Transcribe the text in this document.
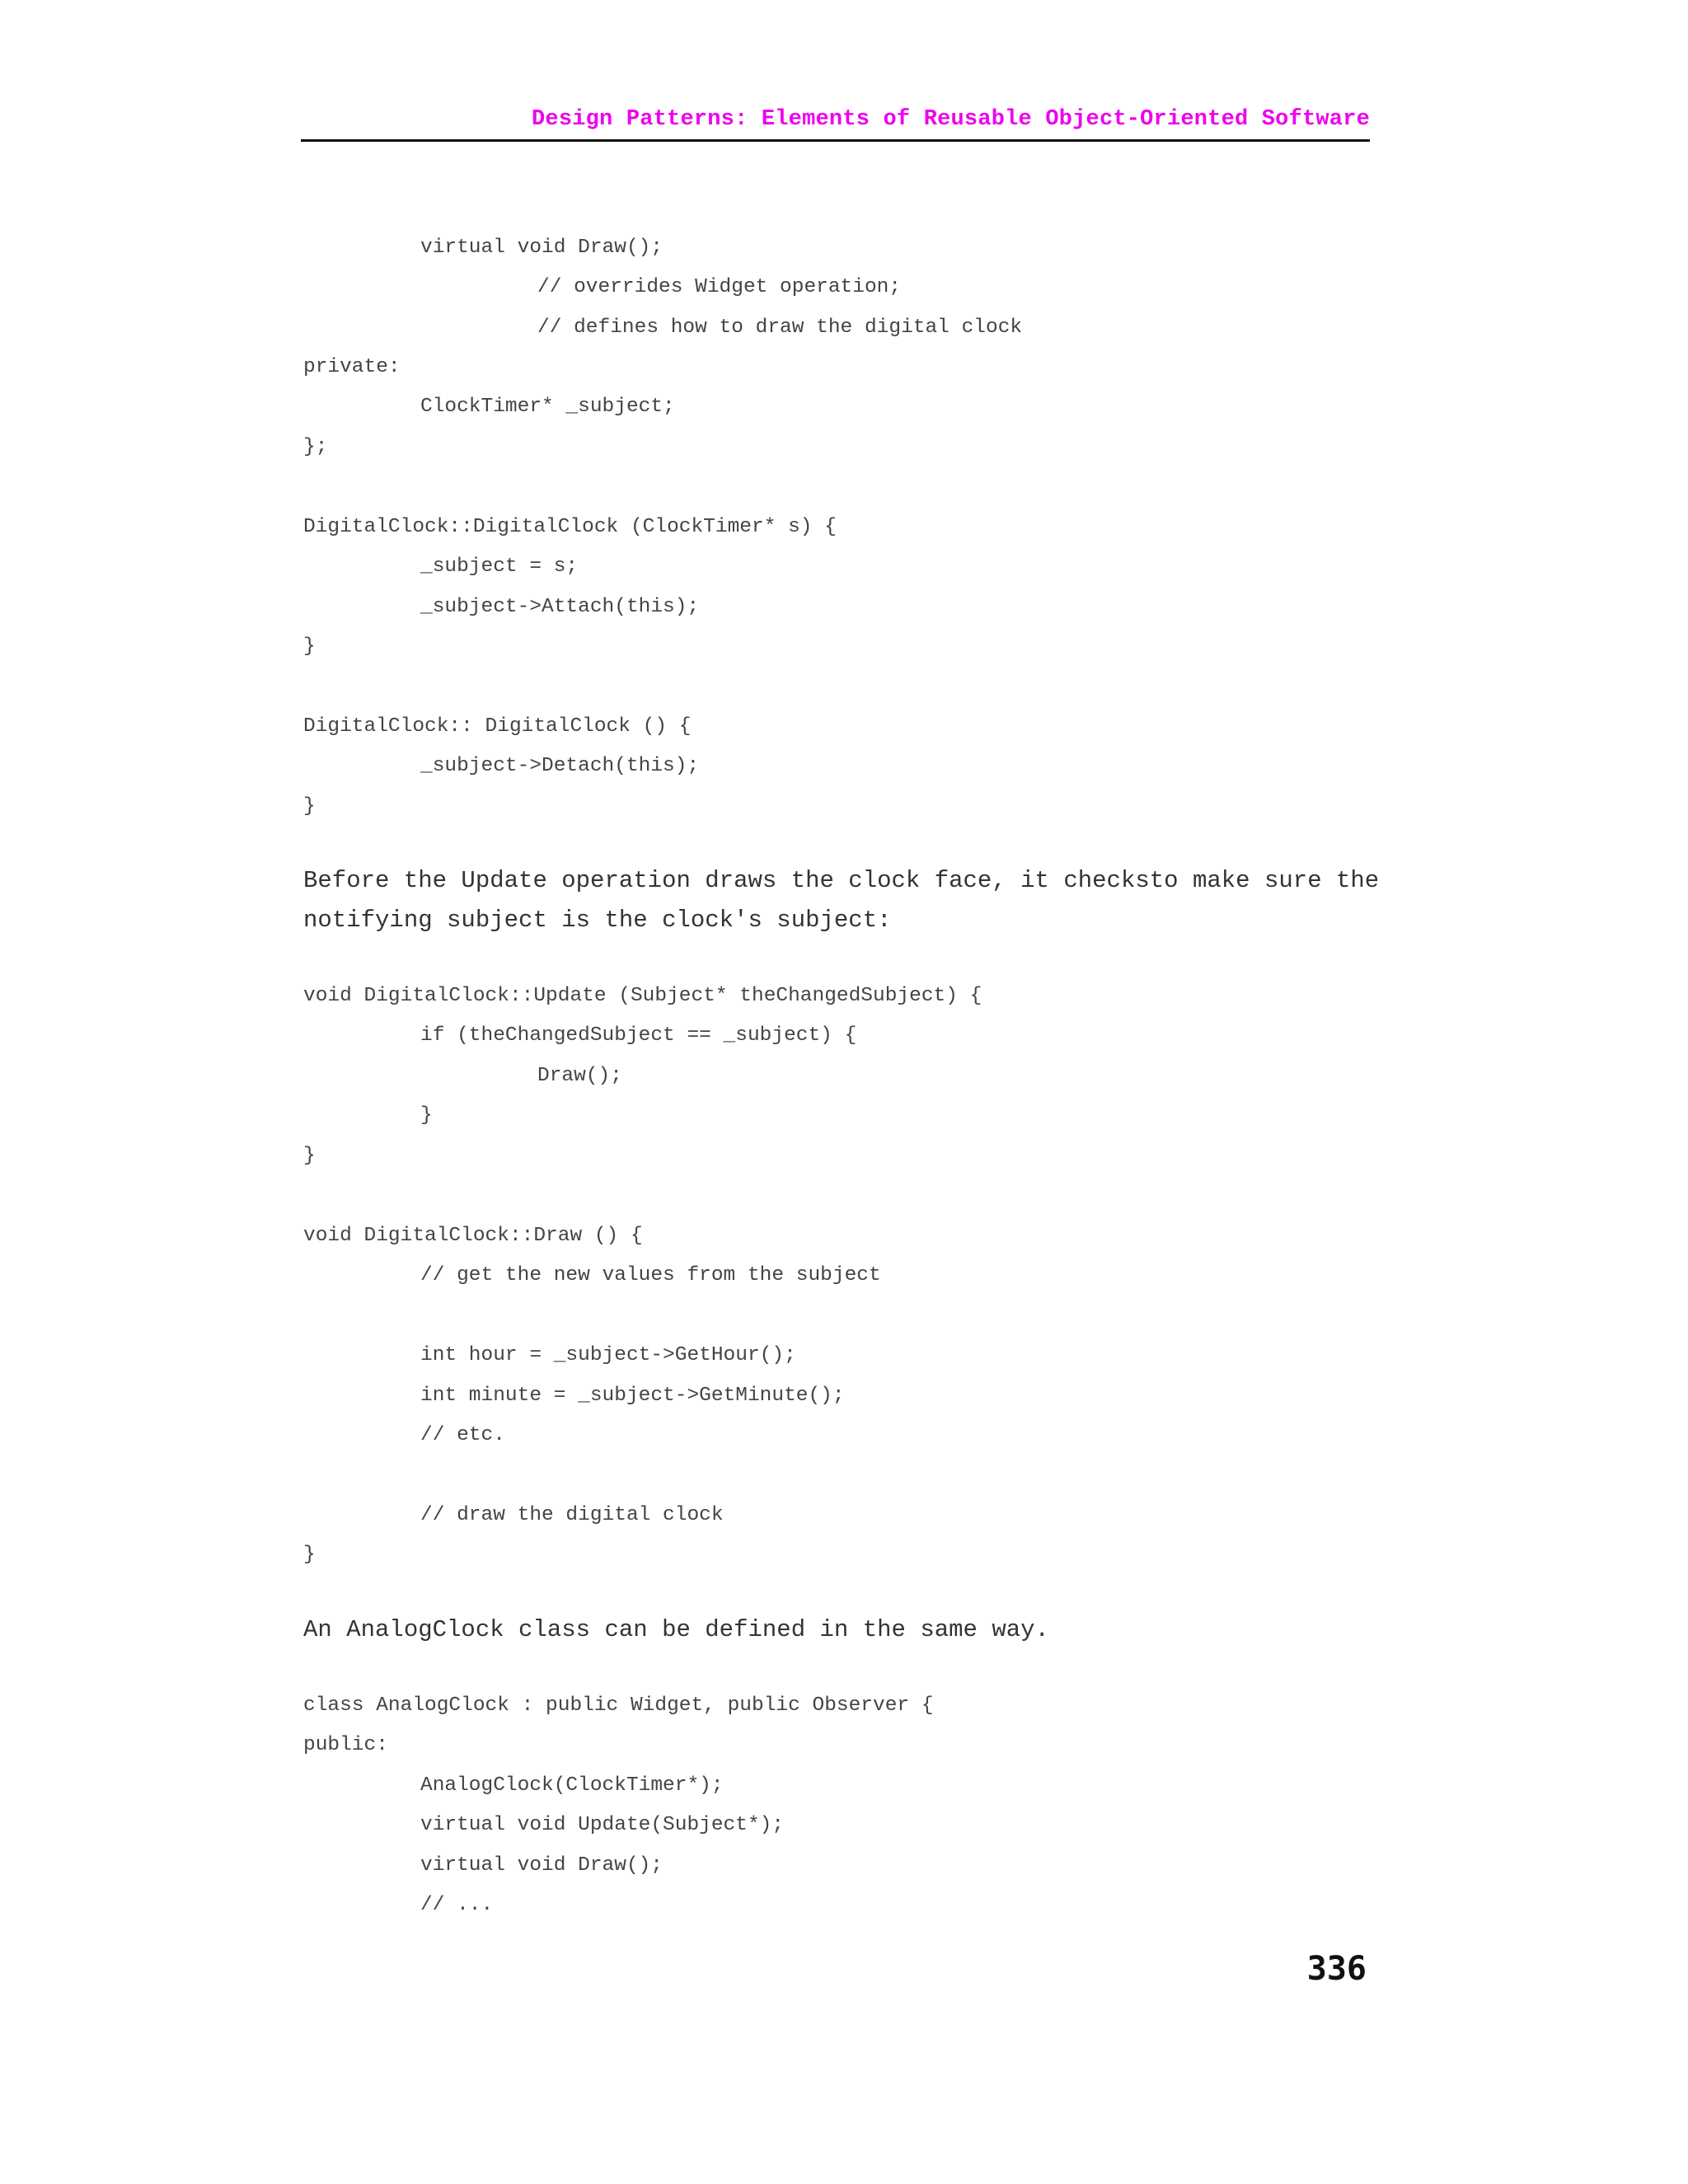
Design Patterns: Elements of Reusable Object-Oriented Software
virtual void Draw();
// overrides Widget operation;
// defines how to draw the digital clock
private:
ClockTimer* _subject;
};
DigitalClock::DigitalClock (ClockTimer* s) {
_subject = s;
_subject->Attach(this);
}
DigitalClock:: DigitalClock () {
_subject->Detach(this);
}
Before the Update operation draws the clock face, it checksto make sure the
notifying subject is the clock's subject:
void DigitalClock::Update (Subject* theChangedSubject) {
if (theChangedSubject == _subject) {
Draw();
}
}
void DigitalClock::Draw () {
// get the new values from the subject
int hour = _subject->GetHour();
int minute = _subject->GetMinute();
// etc.
// draw the digital clock
}
An AnalogClock class can be defined in the same way.
class AnalogClock : public Widget, public Observer {
public:
AnalogClock(ClockTimer*);
virtual void Update(Subject*);
virtual void Draw();
// ...
336
